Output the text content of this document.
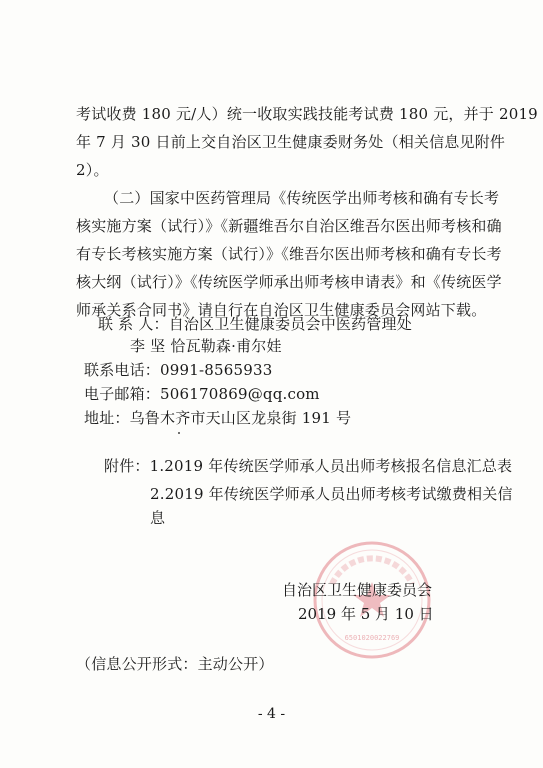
考试收费 180 元/人）统一收取实践技能考试费 180 元，并于 2019
年 7 月 30 日前上交自治区卫生健康委财务处（相关信息见附件
2）。
（二）国家中医药管理局《传统医学出师考核和确有专长考
核实施方案（试行）》《新疆维吾尔自治区维吾尔医出师考核和确
有专长考核实施方案（试行）》《维吾尔医出师考核和确有专长考
核大纲（试行）》《传统医学师承出师考核申请表》和《传统医学
师承关系合同书》请自行在自治区卫生健康委员会网站下载。
联 系 人：自治区卫生健康委员会中医药管理处
李 坚 恰瓦勒森·甫尔娃
联系电话：0991-8565933
电子邮箱：506170869@qq.com
地址：乌鲁木齐市天山区龙泉街 191 号
附件：1.2019 年传统医学师承人员出师考核报名信息汇总表
2.2019 年传统医学师承人员出师考核考试缴费相关信
息
6501020022769
自治区卫生健康委员会
2019 年 5 月 10 日
（信息公开形式：主动公开）
- 4 -
